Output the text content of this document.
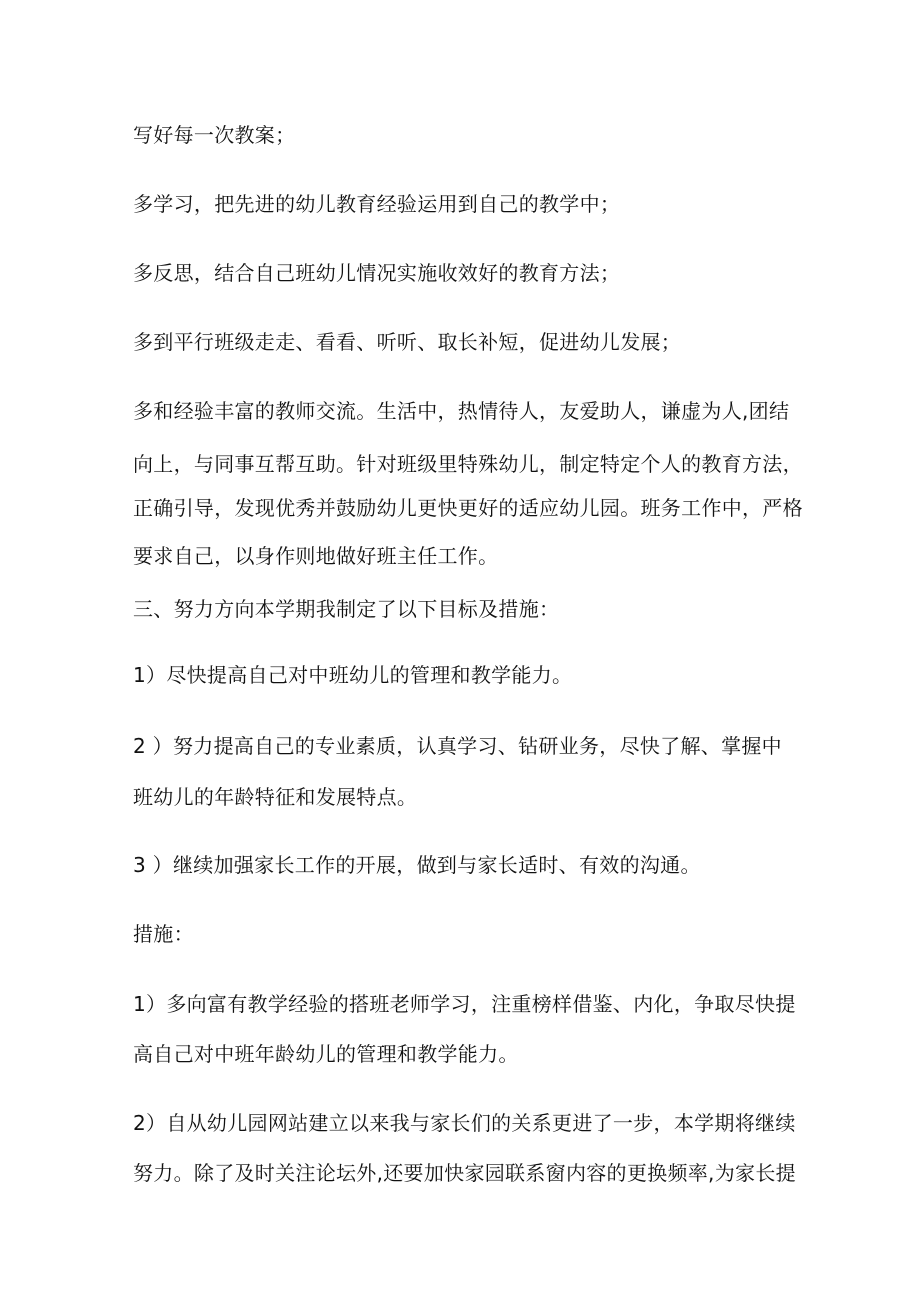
写好每一次教案；
多学习，把先进的幼儿教育经验运用到自己的教学中；
多反思，结合自己班幼儿情况实施收效好的教育方法；
多到平行班级走走、看看、听听、取长补短，促进幼儿发展；
多和经验丰富的教师交流。生活中，热情待人，友爱助人，谦虚为人,团结
向上，与同事互帮互助。针对班级里特殊幼儿，制定特定个人的教育方法，
正确引导，发现优秀并鼓励幼儿更快更好的适应幼儿园。班务工作中，严格
要求自己，以身作则地做好班主任工作。
三、努力方向本学期我制定了以下目标及措施：
1）尽快提高自己对中班幼儿的管理和教学能力。
2 ）努力提高自己的专业素质，认真学习、钻研业务，尽快了解、掌握中
班幼儿的年龄特征和发展特点。
3 ）继续加强家长工作的开展，做到与家长适时、有效的沟通。
措施：
1）多向富有教学经验的搭班老师学习，注重榜样借鉴、内化，争取尽快提
高自己对中班年龄幼儿的管理和教学能力。
2）自从幼儿园网站建立以来我与家长们的关系更进了一步，本学期将继续
努力。除了及时关注论坛外,还要加快家园联系窗内容的更换频率,为家长提
